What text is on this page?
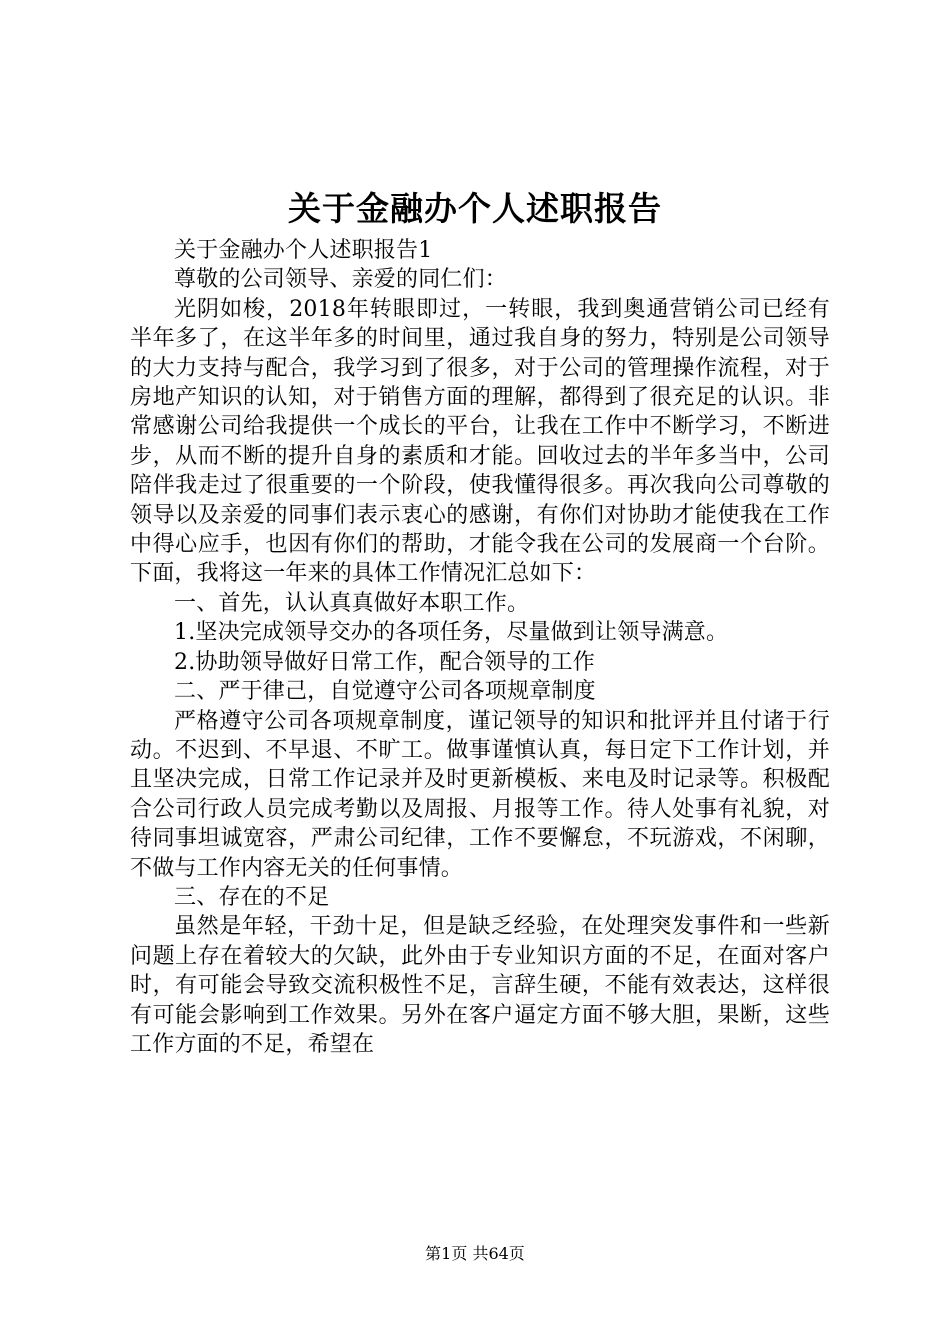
关于金融办个人述职报告

关于金融办个人述职报告1

尊敬的公司领导、亲爱的同仁们：

光阴如梭，2018年转眼即过，一转眼，我到奥通营销公司已经有半年多了，在这半年多的时间里，通过我自身的努力，特别是公司领导的大力支持与配合，我学习到了很多，对于公司的管理操作流程，对于房地产知识的认知，对于销售方面的理解，都得到了很充足的认识。非常感谢公司给我提供一个成长的平台，让我在工作中不断学习，不断进步，从而不断的提升自身的素质和才能。回收过去的半年多当中，公司陪伴我走过了很重要的一个阶段，使我懂得很多。再次我向公司尊敬的领导以及亲爱的同事们表示衷心的感谢，有你们对协助才能使我在工作中得心应手，也因有你们的帮助，才能令我在公司的发展商一个台阶。下面，我将这一年来的具体工作情况汇总如下：

一、首先，认认真真做好本职工作。

1.坚决完成领导交办的各项任务，尽量做到让领导满意。

2.协助领导做好日常工作，配合领导的工作

二、严于律己，自觉遵守公司各项规章制度

严格遵守公司各项规章制度，谨记领导的知识和批评并且付诸于行动。不迟到、不早退、不旷工。做事谨慎认真，每日定下工作计划，并且坚决完成，日常工作记录并及时更新模板、来电及时记录等。积极配合公司行政人员完成考勤以及周报、月报等工作。待人处事有礼貌，对待同事坦诚宽容，严肃公司纪律，工作不要懈怠，不玩游戏，不闲聊，不做与工作内容无关的任何事情。

三、存在的不足

虽然是年轻，干劲十足，但是缺乏经验，在处理突发事件和一些新问题上存在着较大的欠缺，此外由于专业知识方面的不足，在面对客户时，有可能会导致交流积极性不足，言辞生硬，不能有效表达，这样很有可能会影响到工作效果。另外在客户逼定方面不够大胆，果断，这些工作方面的不足，希望在

第1页 共64页
